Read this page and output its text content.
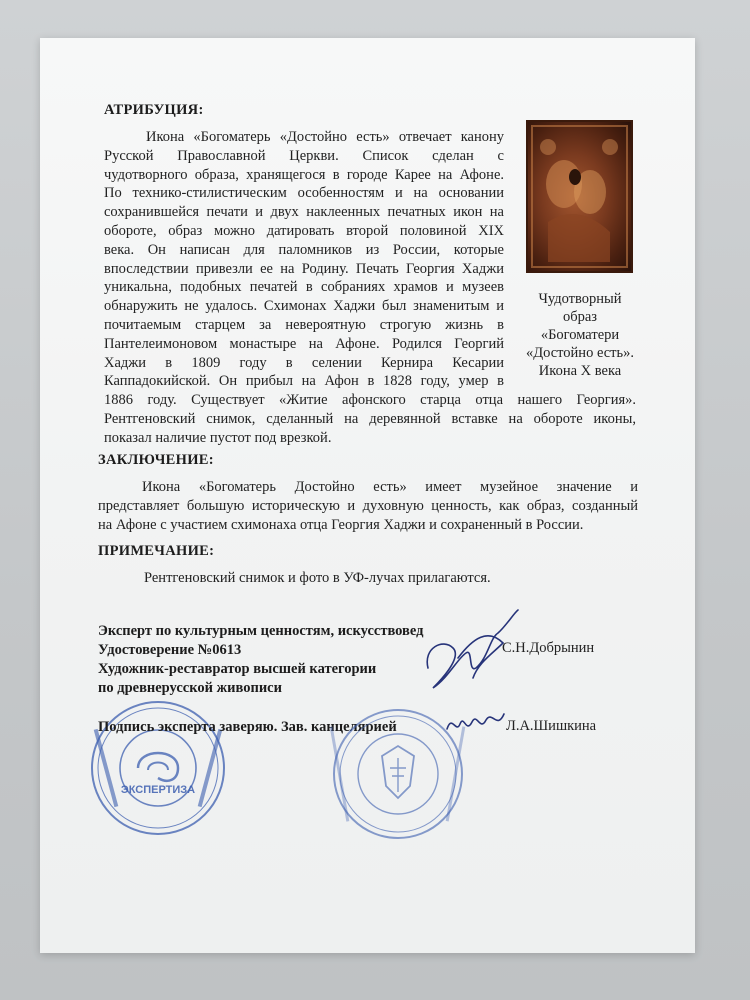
АТРИБУЦИЯ:
Икона «Богоматерь «Достойно есть» отвечает канону
Русской Православной Церкви. Список сделан с
чудотворного образа, хранящегося в городе Карее на Афоне.
По технико-стилистическим особенностям и на основании
сохранившейся печати и двух наклеенных печатных икон на
обороте, образ можно датировать второй половиной XIX
века. Он написан для паломников из России, которые
впоследствии привезли ее на Родину. Печать Георгия Хаджи
уникальна, подобных печатей в собраниях храмов и музеев
обнаружить не удалось. Схимонах Хаджи был знаменитым и
почитаемым старцем за невероятную строгую жизнь в
Пантелеимоновом монастыре на Афоне. Родился Георгий
Хаджи в 1809 году в селении Кернира Кесарии
Каппадокийской. Он прибыл на Афон в 1828 году, умер в
1886 году. Существует «Житие афонского старца отца нашего Георгия».
Рентгеновский снимок, сделанный на деревянной вставке на обороте иконы,
показал наличие пустот под врезкой.
Чудотворный
образ
«Богоматери
«Достойно есть».
Икона X века
ЗАКЛЮЧЕНИЕ:
Икона «Богоматерь Достойно есть» имеет музейное значение и
представляет большую историческую и духовную ценность, как образ, созданный
на Афоне с участием схимонаха отца Георгия Хаджи и сохраненный в России.
ПРИМЕЧАНИЕ:
Рентгеновский снимок и фото в УФ-лучах прилагаются.
Эксперт по культурным ценностям, искусствовед
Удостоверение №0613
Художник-реставратор высшей категории
по древнерусской живописи
С.Н.Добрынин
ЭКСПЕРТИЗА
Подпись эксперта заверяю. Зав. канцелярией	Л.А.Шишкина
